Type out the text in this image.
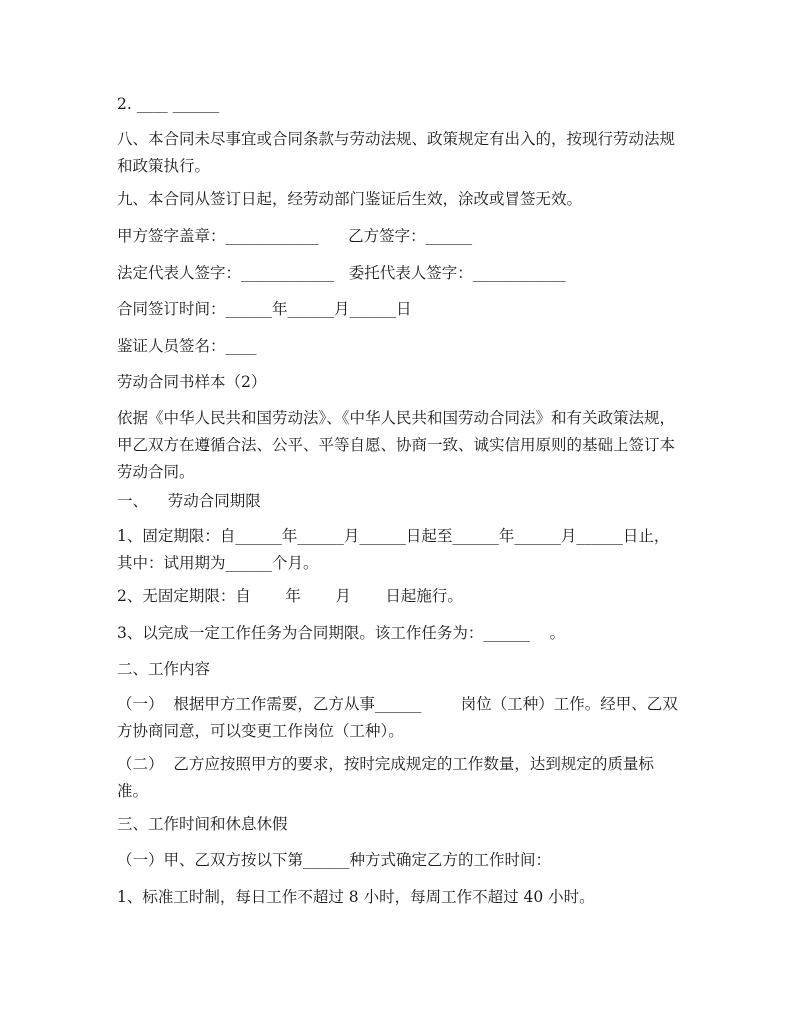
2. ____ ______

八、本合同未尽事宜或合同条款与劳动法规、政策规定有出入的，按现行劳动法规和政策执行。

九、本合同从签订日起，经劳动部门鉴证后生效，涂改或冒签无效。

甲方签字盖章：____________      乙方签字：______

法定代表人签字：____________   委托代表人签字：____________

合同签订时间：______年______月______日

鉴证人员签名：____

劳动合同书样本（2）

依据《中华人民共和国劳动法》、《中华人民共和国劳动合同法》和有关政策法规，甲乙双方在遵循合法、公平、平等自愿、协商一致、诚实信用原则的基础上签订本劳动合同。

一、    劳动合同期限

1、固定期限：自______年______月______日起至______年______月______日止，其中：试用期为______个月。

2、无固定期限：自       年       月       日起施行。

3、以完成一定工作任务为合同期限。该工作任务为：______    。

二、工作内容

（一）  根据甲方工作需要，乙方从事______        岗位（工种）工作。经甲、乙双方协商同意，可以变更工作岗位（工种）。

（二）  乙方应按照甲方的要求，按时完成规定的工作数量，达到规定的质量标准。

三、工作时间和休息休假

（一）甲、乙双方按以下第______种方式确定乙方的工作时间：

1、标准工时制，每日工作不超过 8 小时，每周工作不超过 40 小时。
